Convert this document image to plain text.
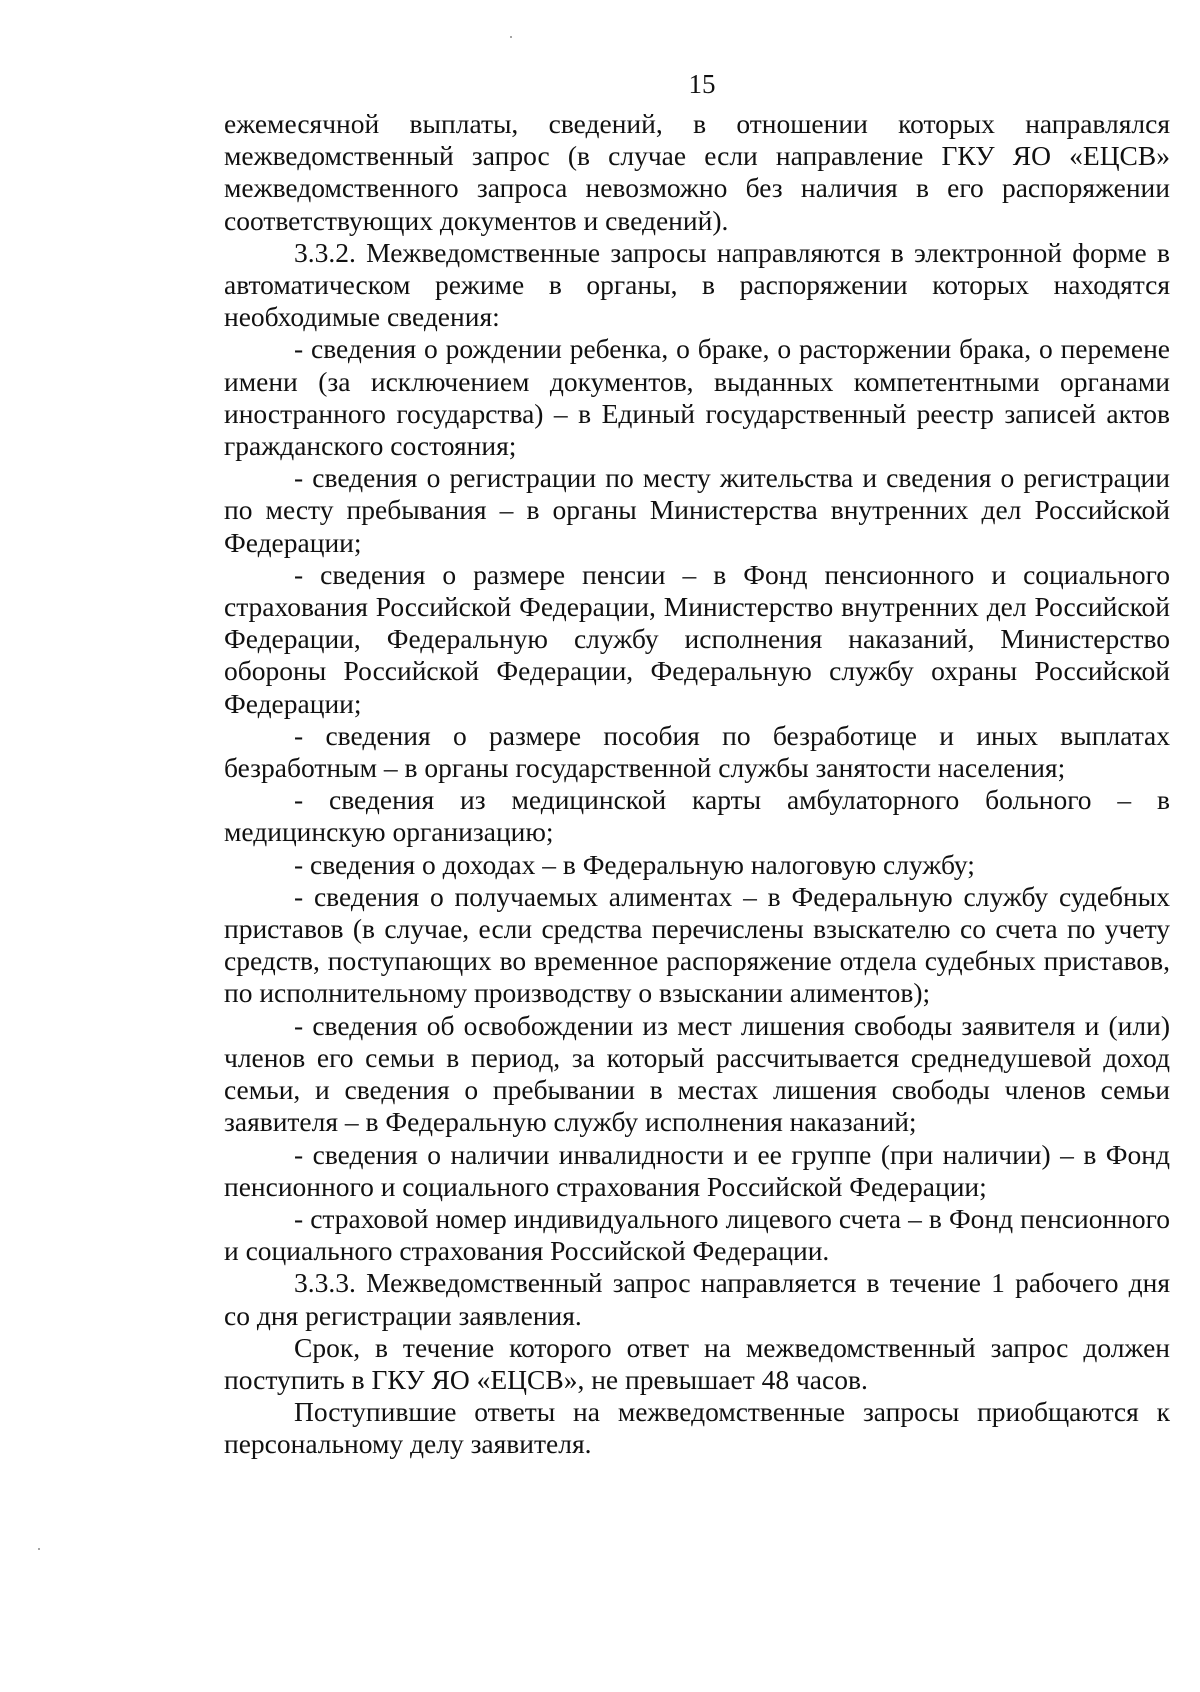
15

ежемесячной выплаты, сведений, в отношении которых направлялся межведомственный запрос (в случае если направление ГКУ ЯО «ЕЦСВ» межведомственного запроса невозможно без наличия в его распоряжении соответствующих документов и сведений).

3.3.2. Межведомственные запросы направляются в электронной форме в автоматическом режиме в органы, в распоряжении которых находятся необходимые сведения:

- сведения о рождении ребенка, о браке, о расторжении брака, о перемене имени (за исключением документов, выданных компетентными органами иностранного государства) – в Единый государственный реестр записей актов гражданского состояния;

- сведения о регистрации по месту жительства и сведения о регистрации по месту пребывания – в органы Министерства внутренних дел Российской Федерации;

- сведения о размере пенсии – в Фонд пенсионного и социального страхования Российской Федерации, Министерство внутренних дел Российской Федерации, Федеральную службу исполнения наказаний, Министерство обороны Российской Федерации, Федеральную службу охраны Российской Федерации;

- сведения о размере пособия по безработице и иных выплатах безработным – в органы государственной службы занятости населения;

- сведения из медицинской карты амбулаторного больного – в медицинскую организацию;

- сведения о доходах – в Федеральную налоговую службу;

- сведения о получаемых алиментах – в Федеральную службу судебных приставов (в случае, если средства перечислены взыскателю со счета по учету средств, поступающих во временное распоряжение отдела судебных приставов, по исполнительному производству о взыскании алиментов);

- сведения об освобождении из мест лишения свободы заявителя и (или) членов его семьи в период, за который рассчитывается среднедушевой доход семьи, и сведения о пребывании в местах лишения свободы членов семьи заявителя – в Федеральную службу исполнения наказаний;

- сведения о наличии инвалидности и ее группе (при наличии) – в Фонд пенсионного и социального страхования Российской Федерации;

- страховой номер индивидуального лицевого счета – в Фонд пенсионного и социального страхования Российской Федерации.

3.3.3. Межведомственный запрос направляется в течение 1 рабочего дня со дня регистрации заявления.

Срок, в течение которого ответ на межведомственный запрос должен поступить в ГКУ ЯО «ЕЦСВ», не превышает 48 часов.

Поступившие ответы на межведомственные запросы приобщаются к персональному делу заявителя.
